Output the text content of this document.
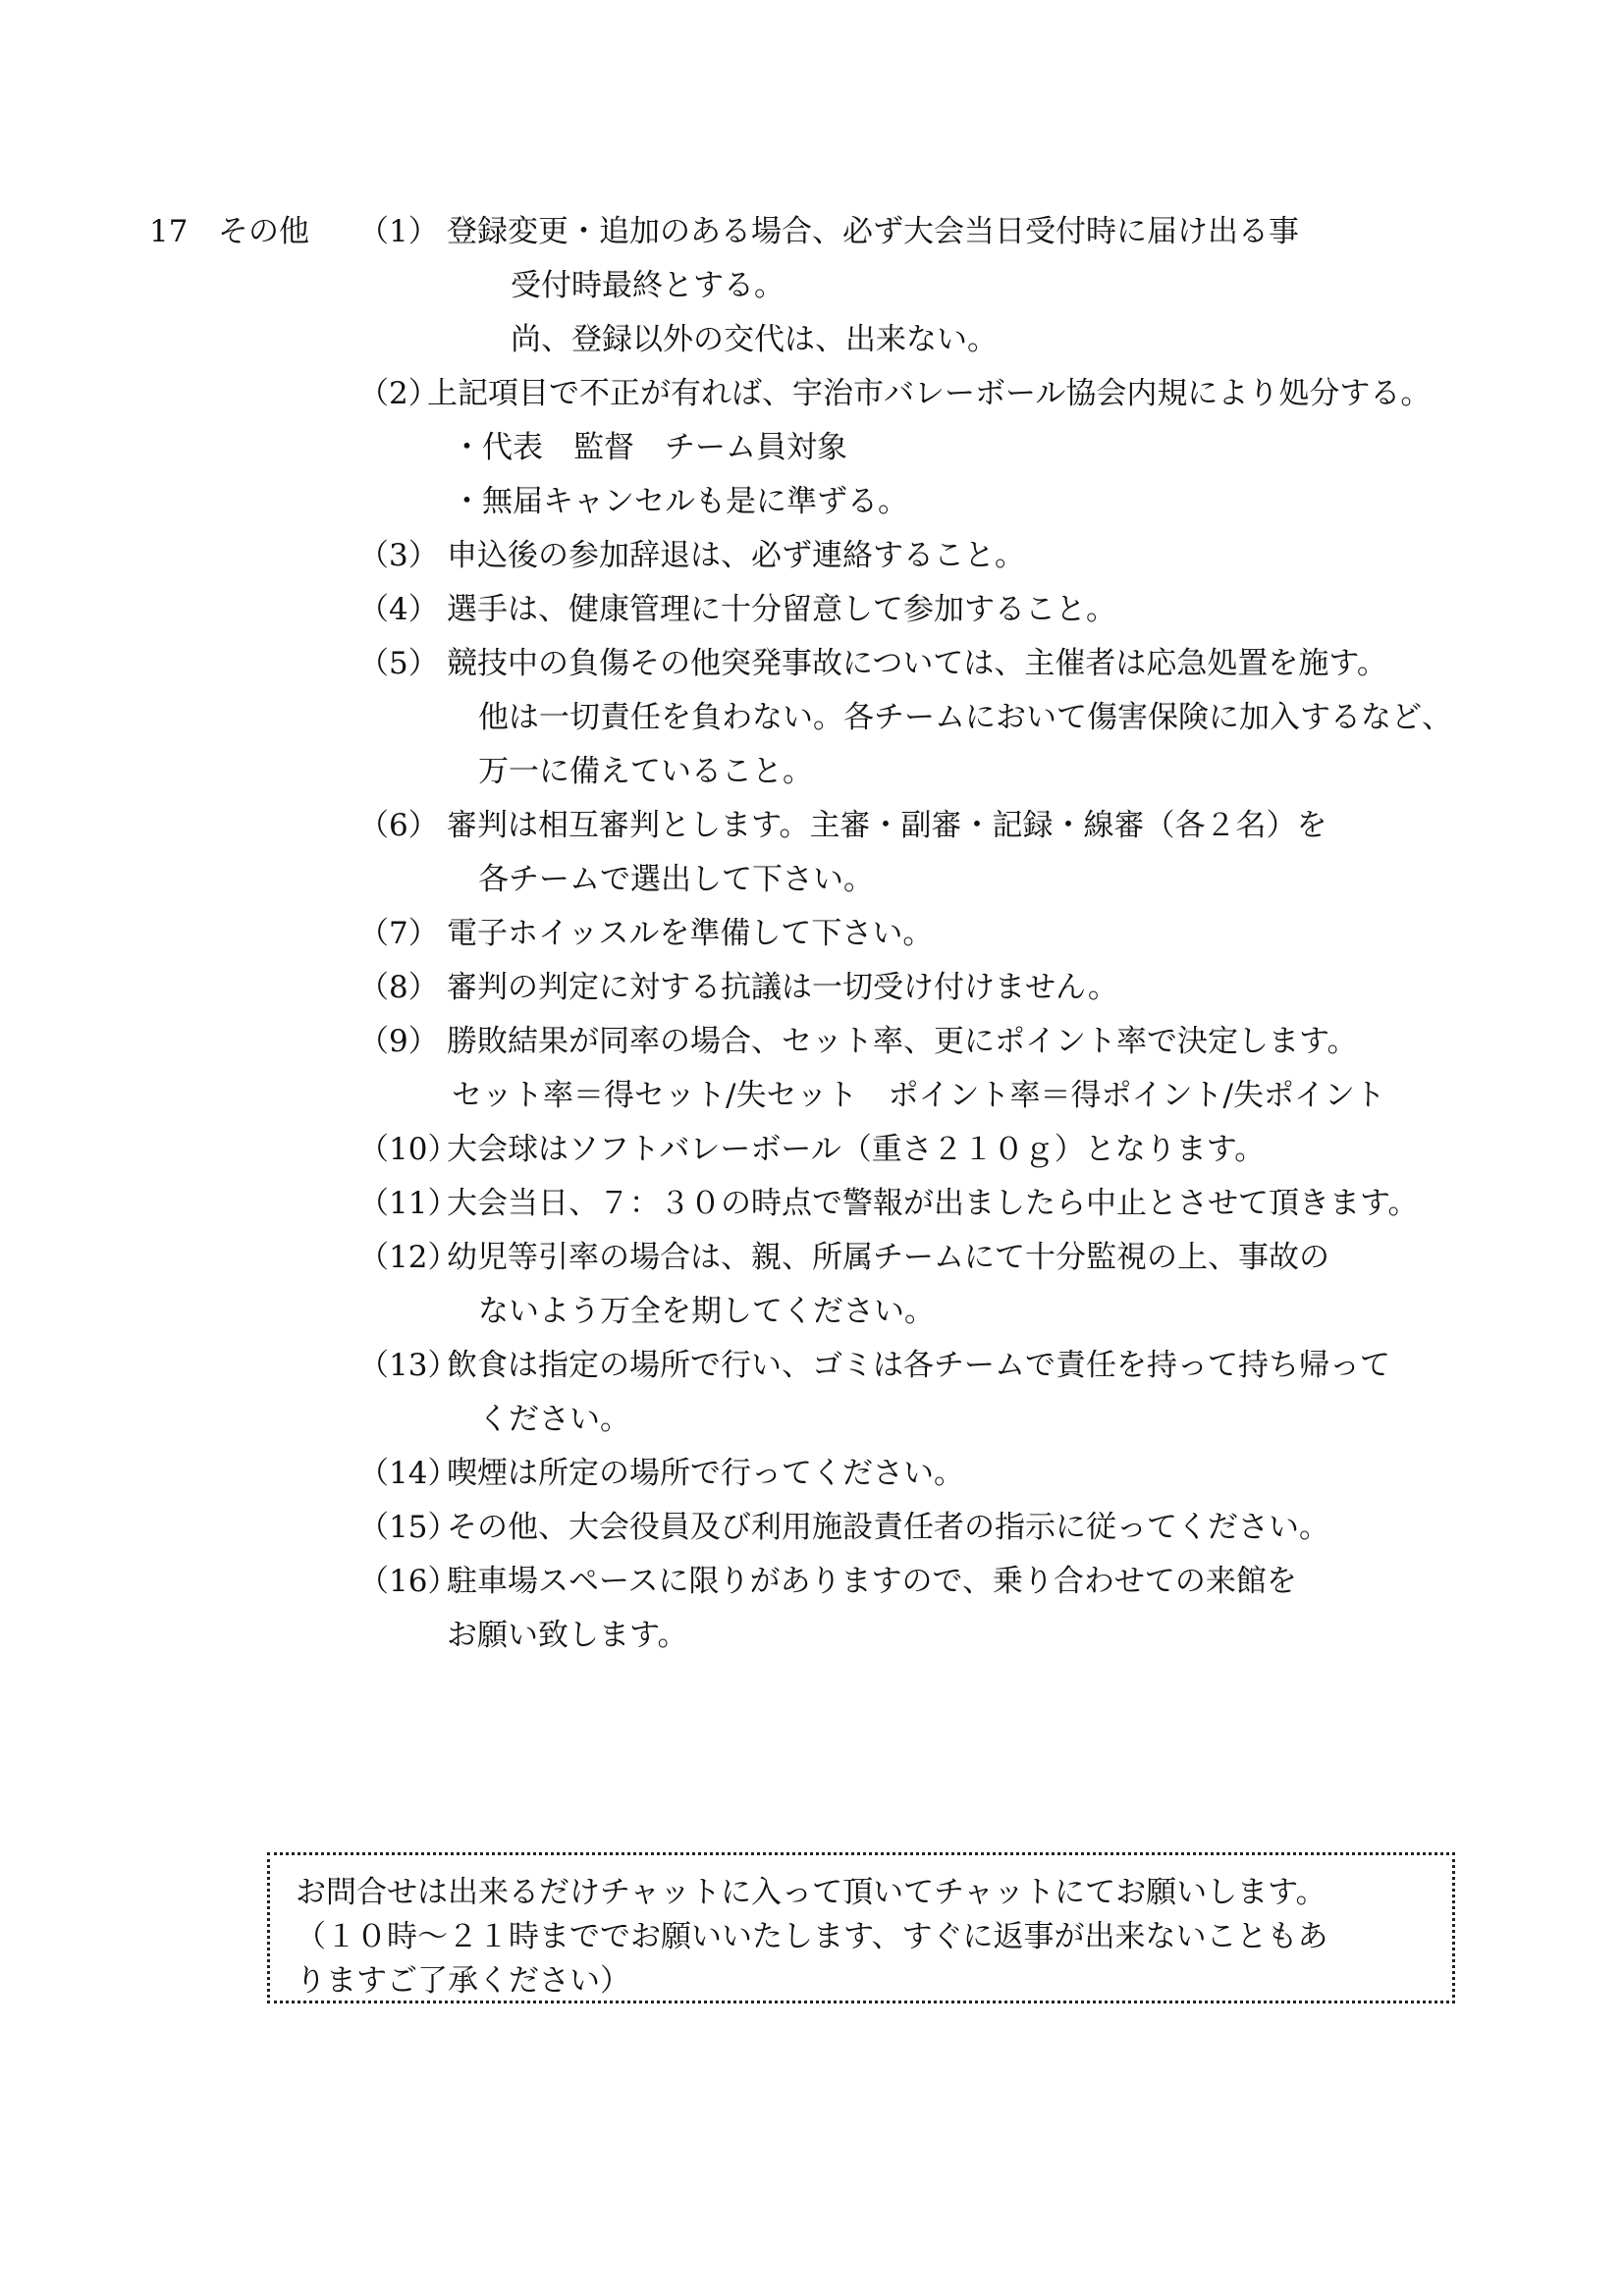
17 その他 （1） 登録変更・追加のある場合、必ず大会当日受付時に届け出る事
受付時最終とする。
尚、登録以外の交代は、出来ない。
（2）
上記項目で不正が有れば、宇治市バレーボール協会内規により処分する。
・代表　監督　チーム員対象
・無届キャンセルも是に準ずる。
（3） 申込後の参加辞退は、必ず連絡すること。
（4） 選手は、健康管理に十分留意して参加すること。
（5） 競技中の負傷その他突発事故については、主催者は応急処置を施す。
他は一切責任を負わない。各チームにおいて傷害保険に加入するなど、
万一に備えていること。
（6） 審判は相互審判とします。主審・副審・記録・線審（各２名）を
各チームで選出して下さい。
（7） 電子ホイッスルを準備して下さい。
（8） 審判の判定に対する抗議は一切受け付けません。
（9） 勝敗結果が同率の場合、セット率、更にポイント率で決定します。
セット率＝得セット/失セット　ポイント率＝得ポイント/失ポイント
（10）
大会球はソフトバレーボール（重さ２１０ｇ）となります。
（11）
大会当日、７：３０の時点で警報が出ましたら中止とさせて頂きます。
（12）
幼児等引率の場合は、親、所属チームにて十分監視の上、事故の
ないよう万全を期してください。
（13）
飲食は指定の場所で行い、ゴミは各チームで責任を持って持ち帰って
ください。
（14）
喫煙は所定の場所で行ってください。
（15）
その他、大会役員及び利用施設責任者の指示に従ってください。
（16）
駐車場スペースに限りがありますので、乗り合わせての来館を
お願い致します。
お問合せは出来るだけチャットに入って頂いてチャットにてお願いします。
（１０時～２１時まででお願いいたします、すぐに返事が出来ないこともあ
りますご了承ください）
